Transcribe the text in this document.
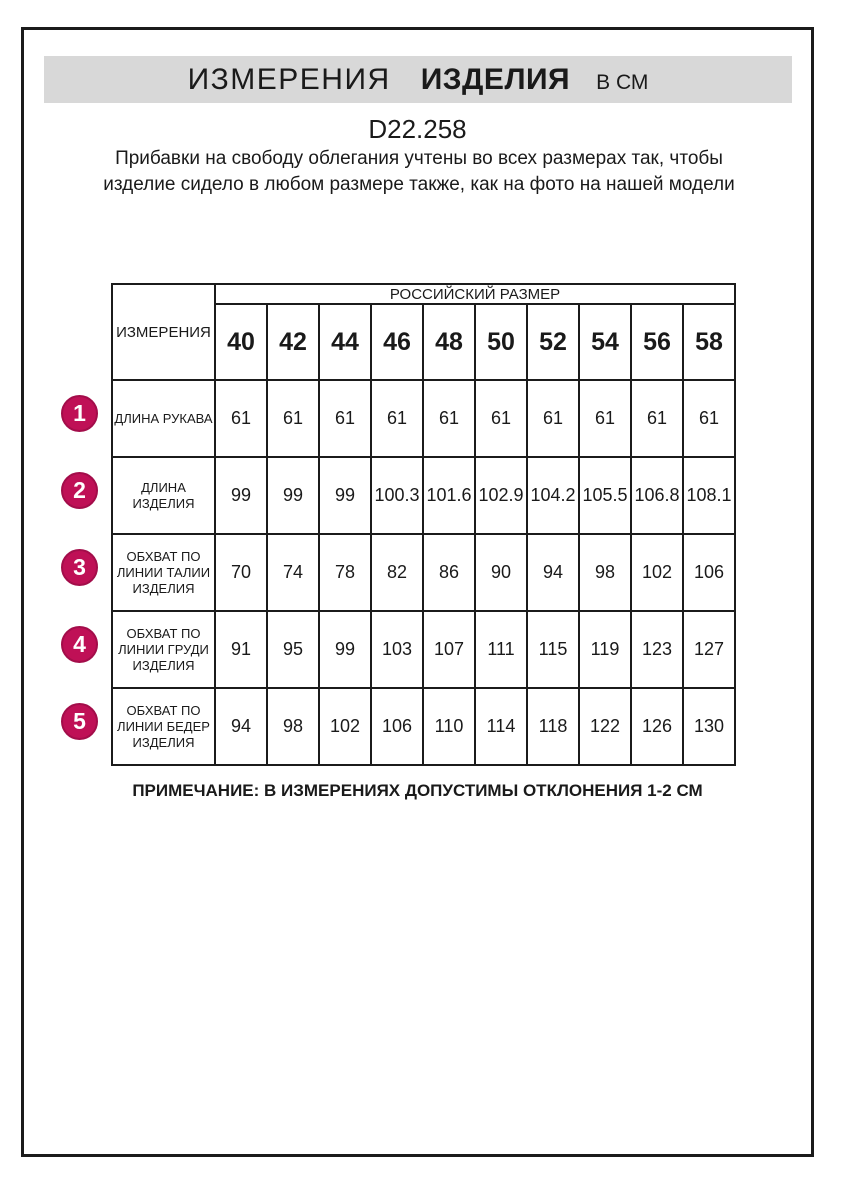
ИЗМЕРЕНИЯ ИЗДЕЛИЯ В СМ
D22.258
Прибавки на свободу облегания учтены во всех размерах так, чтобы изделие сидело в любом размере также, как на фото на нашей модели
ИЗМЕРЕНИЯ	РОССИЙСКИЙ РАЗМЕР									
	40	42	44	46	48	50	52	54	56	58
ДЛИНА РУКАВА	61	61	61	61	61	61	61	61	61	61
ДЛИНА ИЗДЕЛИЯ	99	99	99	100.3	101.6	102.9	104.2	105.5	106.8	108.1
ОБХВАТ ПО ЛИНИИ ТАЛИИ ИЗДЕЛИЯ	70	74	78	82	86	90	94	98	102	106
ОБХВАТ ПО ЛИНИИ ГРУДИ ИЗДЕЛИЯ	91	95	99	103	107	111	115	119	123	127
ОБХВАТ ПО ЛИНИИ БЕДЕР ИЗДЕЛИЯ	94	98	102	106	110	114	118	122	126	130
1
2
3
4
5
ПРИМЕЧАНИЕ: В ИЗМЕРЕНИЯХ ДОПУСТИМЫ ОТКЛОНЕНИЯ 1-2 СМ
